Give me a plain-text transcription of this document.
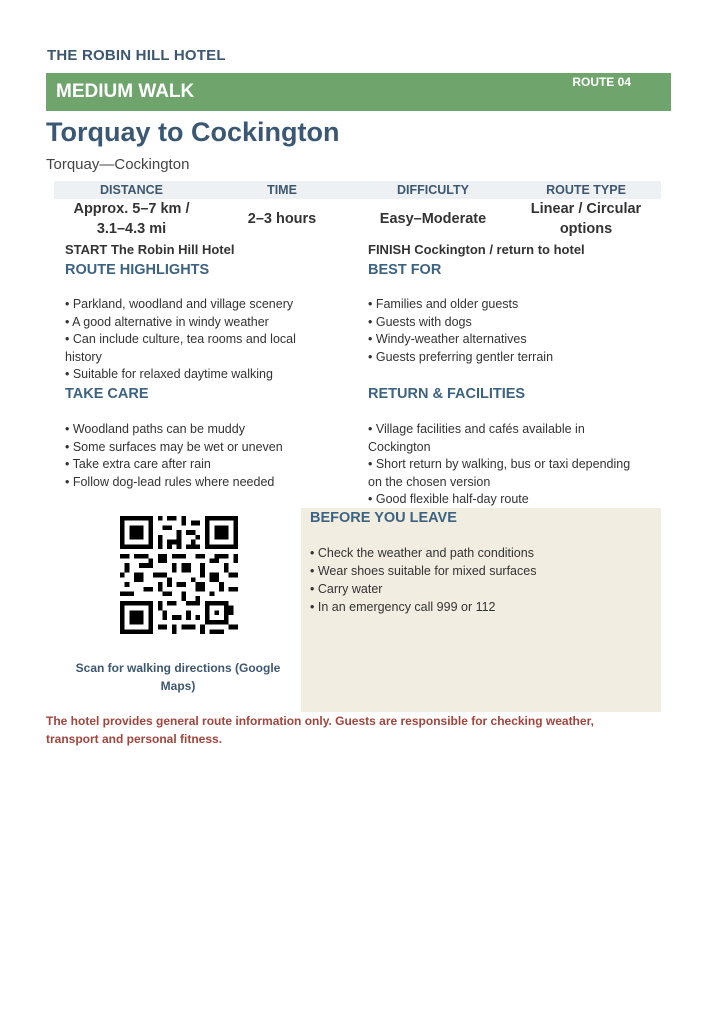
THE ROBIN HILL HOTEL
MEDIUM WALK	ROUTE 04
Torquay to Cockington
Torquay—Cockington
DISTANCE
Approx. 5–7 km /
3.1–4.3 mi
TIME
2–3 hours
DIFFICULTY
Easy–Moderate
ROUTE TYPE
Linear / Circular
options
START The Robin Hill Hotel	FINISH Cockington / return to hotel
ROUTE HIGHLIGHTS
• Parkland, woodland and village scenery
• A good alternative in windy weather
• Can include culture, tea rooms and local
history
• Suitable for relaxed daytime walking
BEST FOR
• Families and older guests
• Guests with dogs
• Windy-weather alternatives
• Guests preferring gentler terrain
TAKE CARE
• Woodland paths can be muddy
• Some surfaces may be wet or uneven
• Take extra care after rain
• Follow dog-lead rules where needed
RETURN & FACILITIES
• Village facilities and cafés available in
Cockington
• Short return by walking, bus or taxi depending
on the chosen version
• Good flexible half-day route
Scan for walking directions (Google
Maps)
BEFORE YOU LEAVE
• Check the weather and path conditions
• Wear shoes suitable for mixed surfaces
• Carry water
• In an emergency call 999 or 112
The hotel provides general route information only. Guests are responsible for checking weather,
transport and personal fitness.
